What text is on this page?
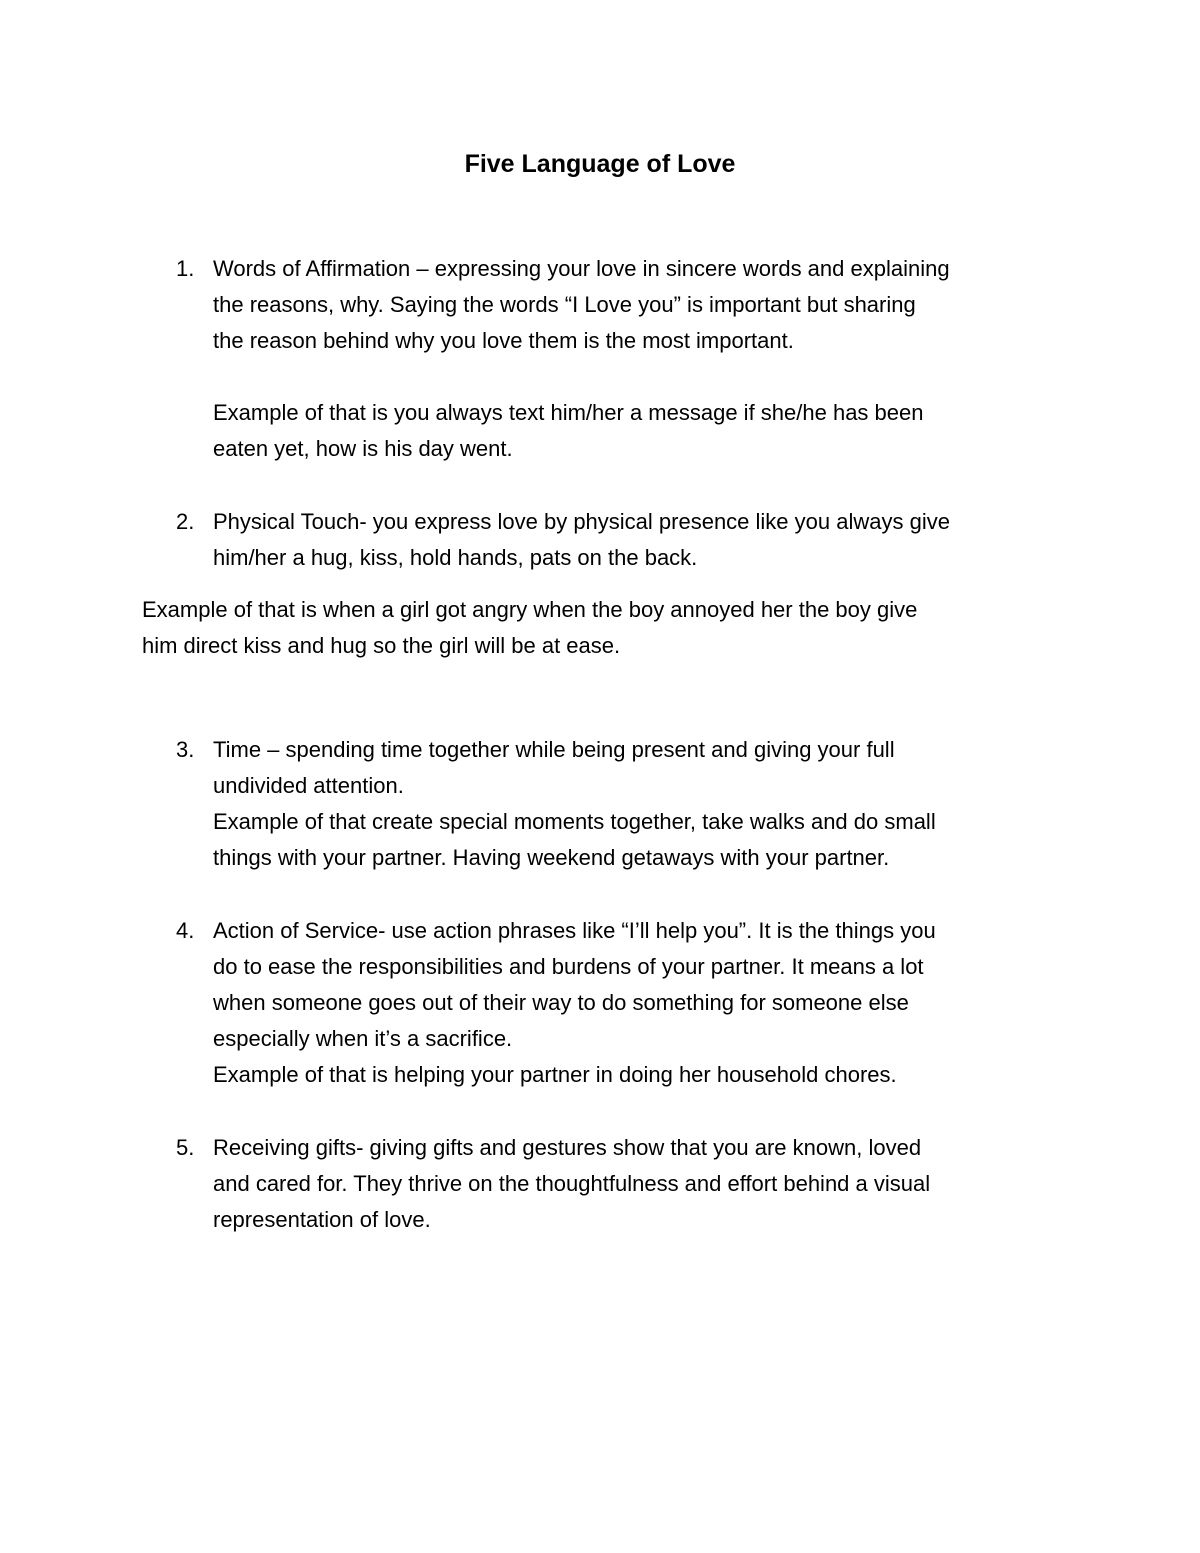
Five Language of Love
1. Words of Affirmation – expressing your love in sincere words and explaining
the reasons, why. Saying the words “I Love you” is important but sharing
the reason behind why you love them is the most important.
Example of that is you always text him/her a message if she/he has been
eaten yet, how is his day went.
2. Physical Touch- you express love by physical presence like you always give
him/her a hug, kiss, hold hands, pats on the back.
Example of that is when a girl got angry when the boy annoyed her the boy give
him direct kiss and hug so the girl will be at ease.
3. Time – spending time together while being present and giving your full
undivided attention.
Example of that create special moments together, take walks and do small
things with your partner. Having weekend getaways with your partner.
4. Action of Service- use action phrases like “I’ll help you”. It is the things you
do to ease the responsibilities and burdens of your partner. It means a lot
when someone goes out of their way to do something for someone else
especially when it’s a sacrifice.
Example of that is helping your partner in doing her household chores.
5. Receiving gifts- giving gifts and gestures show that you are known, loved
and cared for. They thrive on the thoughtfulness and effort behind a visual
representation of love.
